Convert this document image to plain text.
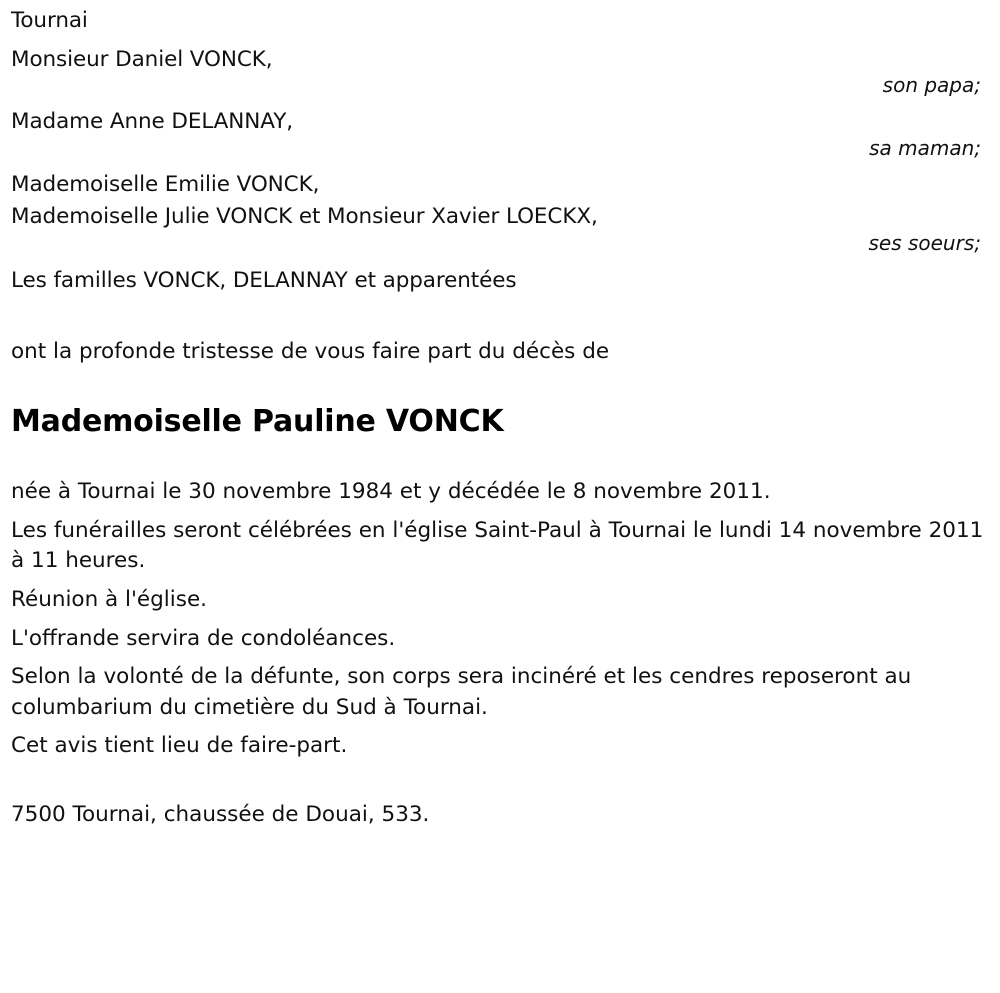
Tournai
Monsieur Daniel VONCK,
son papa;
Madame Anne DELANNAY,
sa maman;
Mademoiselle Emilie VONCK,
Mademoiselle Julie VONCK et Monsieur Xavier LOECKX,
ses soeurs;
Les familles VONCK, DELANNAY et apparentées
ont la profonde tristesse de vous faire part du décès de
Mademoiselle Pauline VONCK

née à Tournai le 30 novembre 1984 et y décédée le 8 novembre 2011.

Les funérailles seront célébrées en l'église Saint-Paul à Tournai le lundi 14 novembre 2011 à 11 heures.

Réunion à l'église.

L'offrande servira de condoléances.

Selon la volonté de la défunte, son corps sera incinéré et les cendres reposeront au columbarium du cimetière du Sud à Tournai.

Cet avis tient lieu de faire-part.

7500 Tournai, chaussée de Douai, 533.
